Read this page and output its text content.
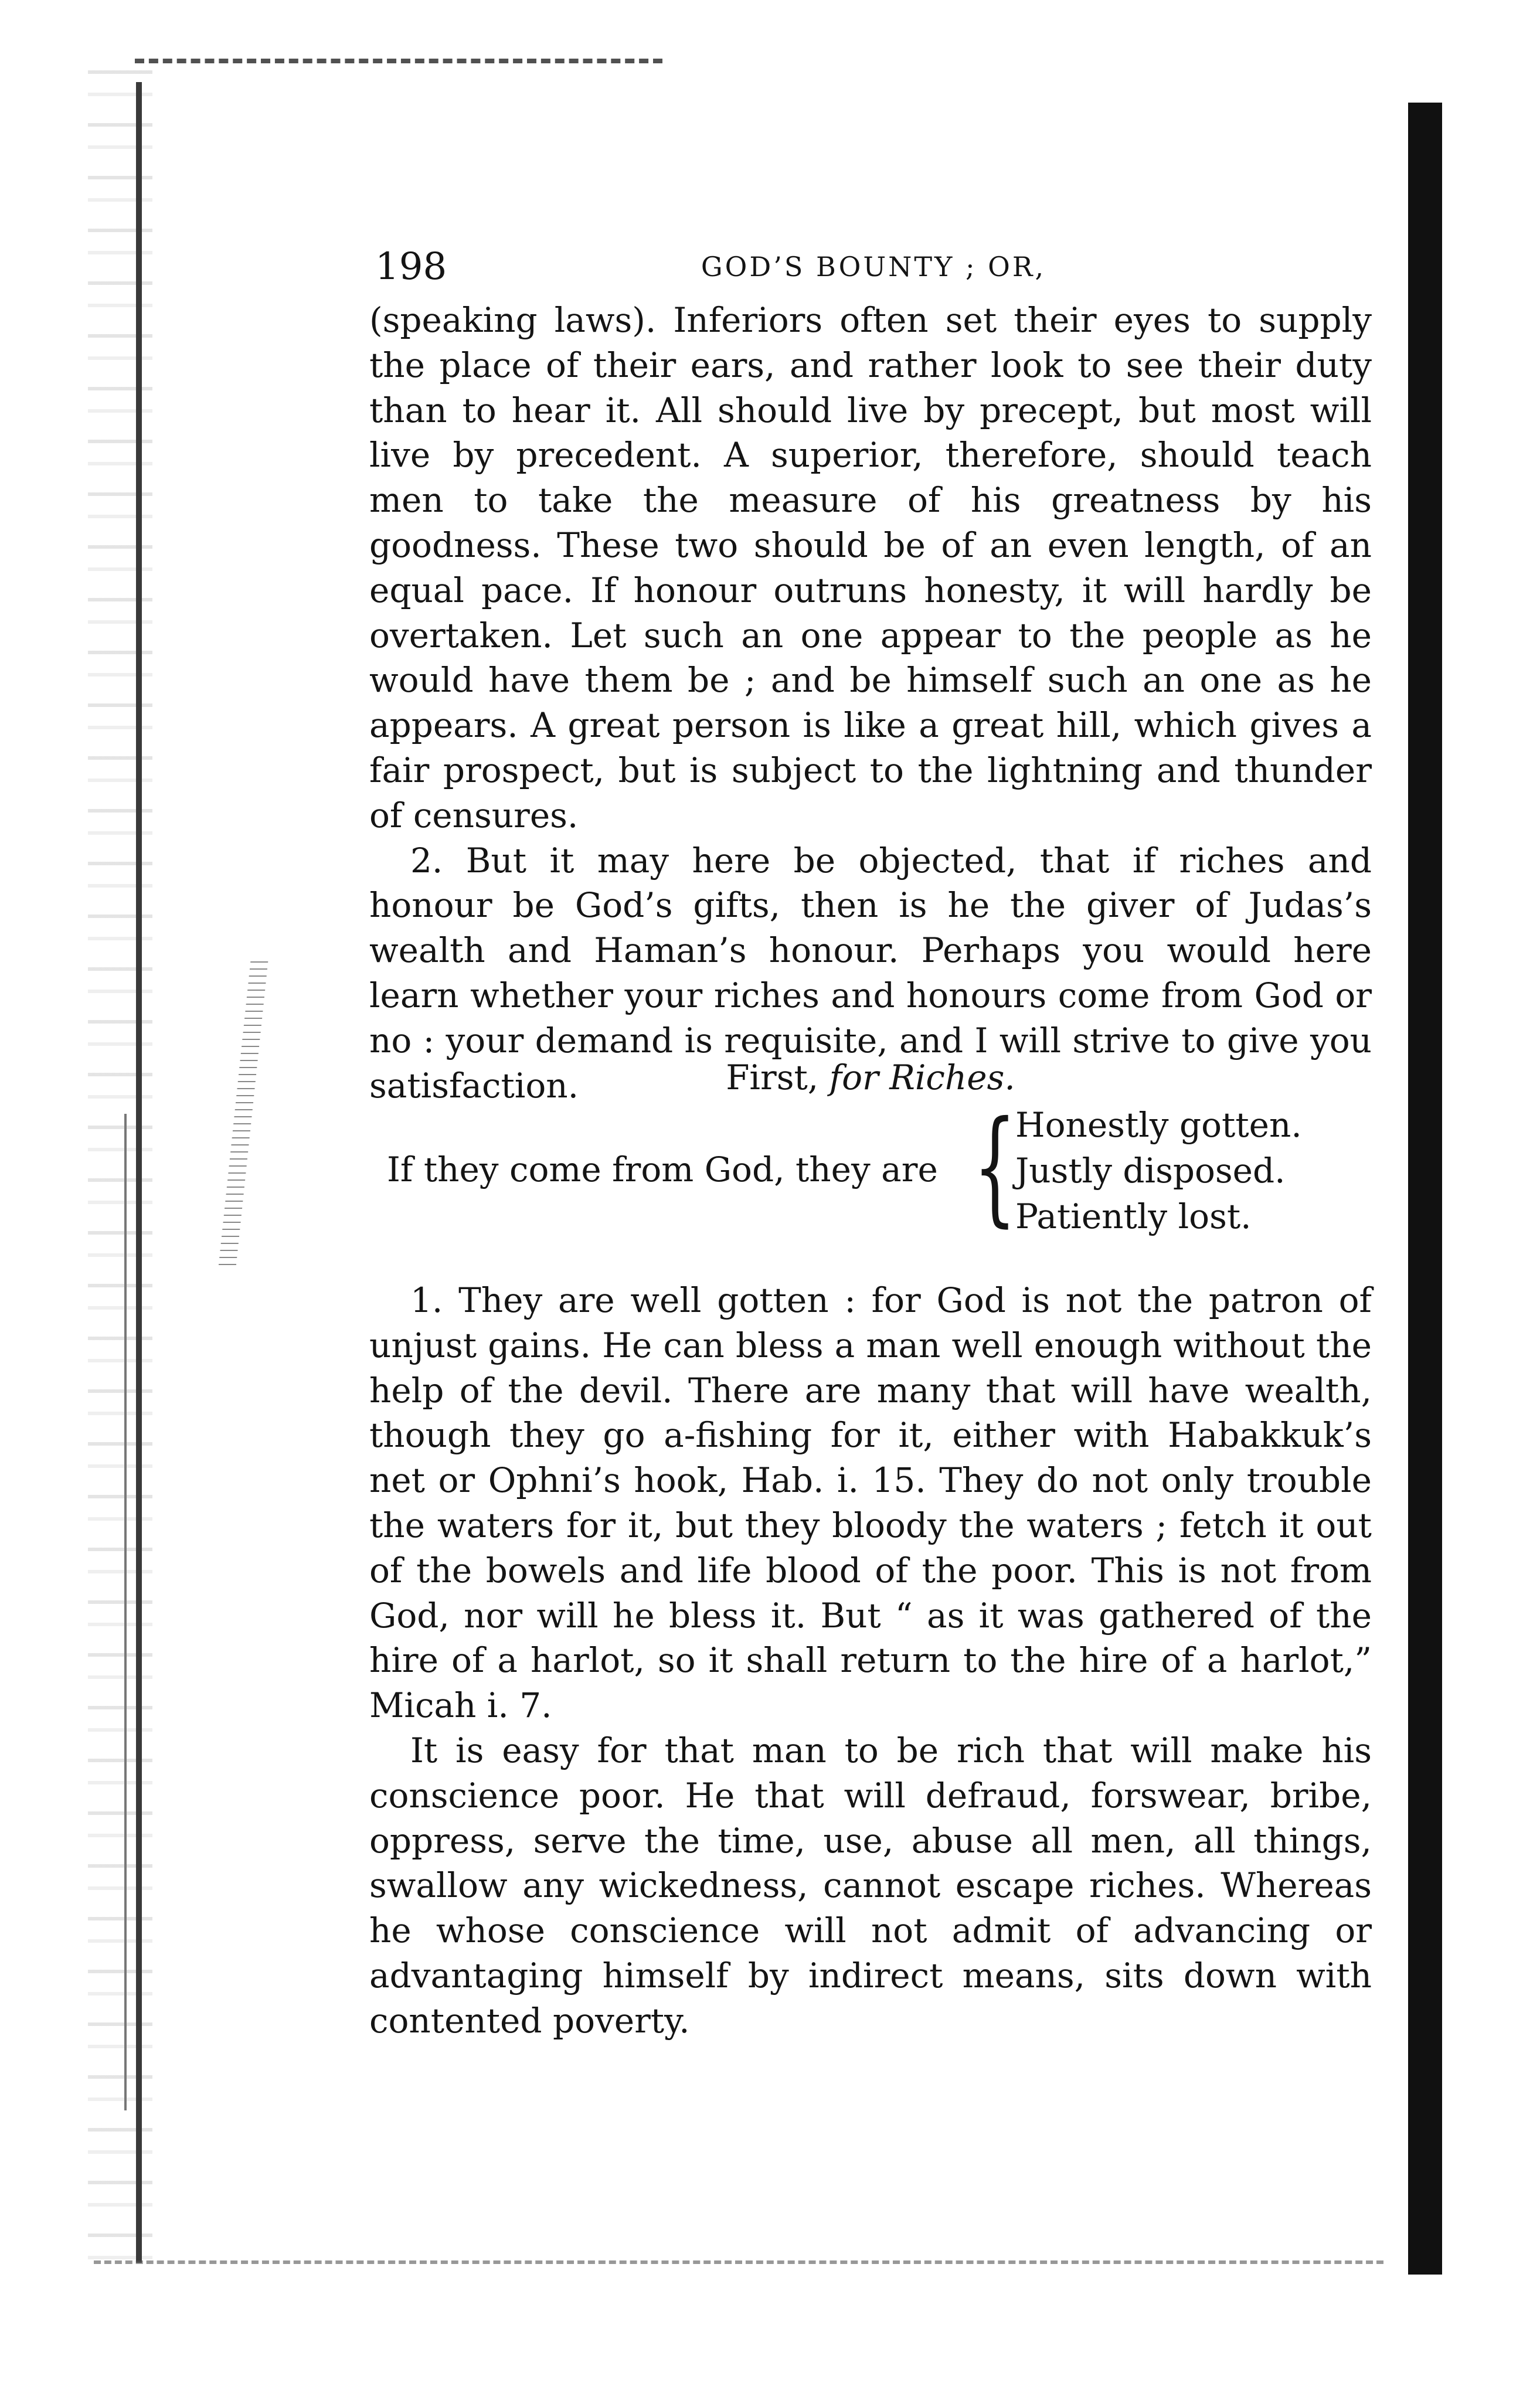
198	GOD’S BOUNTY ; OR,

(speaking laws). Inferiors often set their eyes to supply the place of their ears, and rather look to see their duty than to hear it. All should live by precept, but most will live by precedent. A superior, therefore, should teach men to take the measure of his greatness by his goodness. These two should be of an even length, of an equal pace. If honour outruns honesty, it will hardly be overtaken. Let such an one appear to the people as he would have them be ; and be himself such an one as he appears. A great person is like a great hill, which gives a fair prospect, but is subject to the lightning and thunder of censures.

2. But it may here be objected, that if riches and honour be God’s gifts, then is he the giver of Judas’s wealth and Haman’s honour. Perhaps you would here learn whether your riches and honours come from God or no : your demand is requisite, and I will strive to give you satisfaction.	First, for Riches.
If they come from God, they are {
Honestly gotten.
Justly disposed.
Patiently lost.

1. They are well gotten : for God is not the patron of unjust gains. He can bless a man well enough without the help of the devil. There are many that will have wealth, though they go a-fishing for it, either with Habakkuk’s net or Ophni’s hook, Hab. i. 15. They do not only trouble the waters for it, but they bloody the waters ; fetch it out of the bowels and life blood of the poor. This is not from God, nor will he bless it. But “ as it was gathered of the hire of a harlot, so it shall return to the hire of a harlot,” Micah i. 7.

It is easy for that man to be rich that will make his conscience poor. He that will defraud, forswear, bribe, oppress, serve the time, use, abuse all men, all things, swallow any wickedness, cannot escape riches. Whereas he whose conscience will not admit of advancing or advantaging himself by indirect means, sits down with contented poverty.
